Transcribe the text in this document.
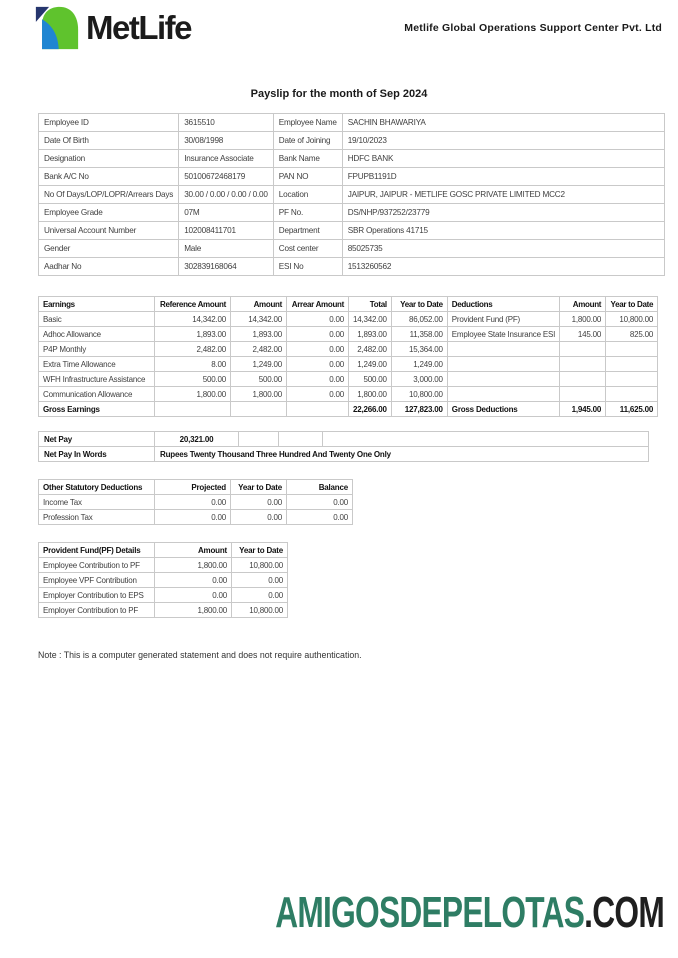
MetLife	Metlife Global Operations Support Center Pvt. Ltd
Payslip for the month of Sep 2024
Employee ID	3615510	Employee Name	SACHIN BHAWARIYA
Date Of Birth	30/08/1998	Date of Joining	19/10/2023
Designation	Insurance Associate	Bank Name	HDFC BANK
Bank A/C No	50100672468179	PAN NO	FPUPB1191D
No Of Days/LOP/LOPR/Arrears Days	30.00 / 0.00 / 0.00 / 0.00	Location	JAIPUR, JAIPUR - METLIFE GOSC PRIVATE LIMITED MCC2
Employee Grade	07M	PF No.	DS/NHP/937252/23779
Universal Account Number	102008411701	Department	SBR Operations 41715
Gender	Male	Cost center	85025735
Aadhar No	302839168064	ESI No	1513260562
Earnings	Reference Amount	Amount	Arrear Amount	Total	Year to Date	Deductions	Amount	Year to Date
Basic	14,342.00	14,342.00	0.00	14,342.00	86,052.00	Provident Fund (PF)	1,800.00	10,800.00
Adhoc Allowance	1,893.00	1,893.00	0.00	1,893.00	11,358.00	Employee State Insurance ESI	145.00	825.00
P4P Monthly	2,482.00	2,482.00	0.00	2,482.00	15,364.00			
Extra Time Allowance	8.00	1,249.00	0.00	1,249.00	1,249.00			
WFH Infrastructure Assistance	500.00	500.00	0.00	500.00	3,000.00			
Communication Allowance	1,800.00	1,800.00	0.00	1,800.00	10,800.00			
Gross Earnings				22,266.00	127,823.00	Gross Deductions	1,945.00	11,625.00
Net Pay	20,321.00			
Net Pay In Words	Rupees Twenty Thousand Three Hundred And Twenty One Only			
Other Statutory Deductions	Projected	Year to Date	Balance
Income Tax	0.00	0.00	0.00
Profession Tax	0.00	0.00	0.00
Provident Fund(PF) Details	Amount	Year to Date
Employee Contribution to PF	1,800.00	10,800.00
Employee VPF Contribution	0.00	0.00
Employer Contribution to EPS	0.00	0.00
Employer Contribution to PF	1,800.00	10,800.00
Note : This is a computer generated statement and does not require authentication.
AMIGOSDEPELOTAS.COM
